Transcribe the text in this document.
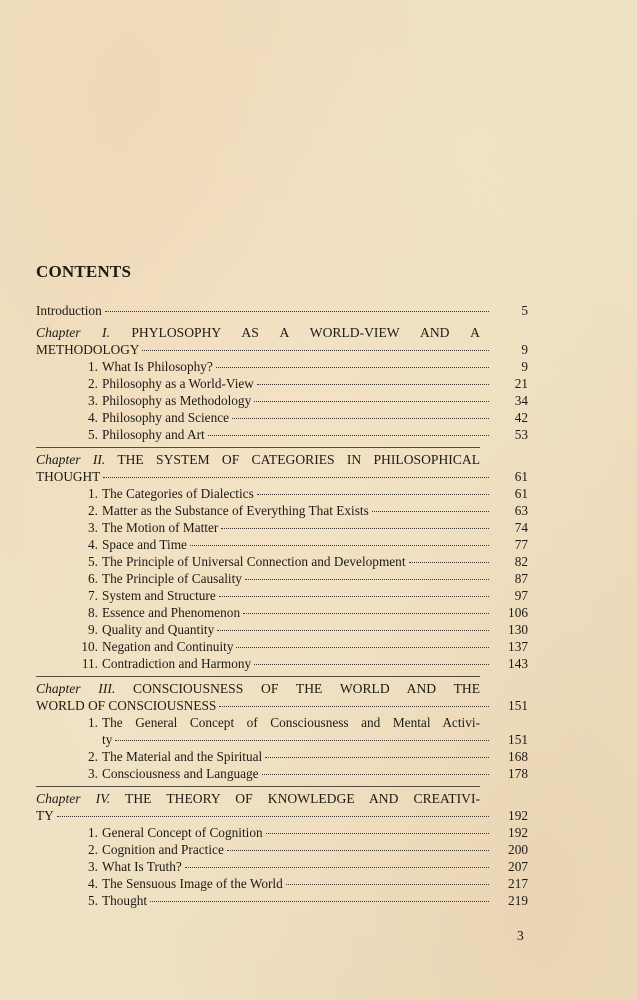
CONTENTS
Introduction	5
Chapter I. PHYLOSOPHY AS A WORLD-VIEW AND A
METHODOLOGY	9
1. What Is Philosophy?	9
2. Philosophy as a World-View	21
3. Philosophy as Methodology	34
4. Philosophy and Science	42
5. Philosophy and Art	53
Chapter II. THE SYSTEM OF CATEGORIES IN PHILOSOPHICAL
THOUGHT	61
1. The Categories of Dialectics	61
2. Matter as the Substance of Everything That Exists	63
3. The Motion of Matter	74
4. Space and Time	77
5. The Principle of Universal Connection and Development	82
6. The Principle of Causality	87
7. System and Structure	97
8. Essence and Phenomenon	106
9. Quality and Quantity	130
10. Negation and Continuity	137
11. Contradiction and Harmony	143
Chapter III. CONSCIOUSNESS OF THE WORLD AND THE
WORLD OF CONSCIOUSNESS	151
1. The General Concept of Consciousness and Mental Activi-
ty	151
2. The Material and the Spiritual	168
3. Consciousness and Language	178
Chapter IV. THE THEORY OF KNOWLEDGE AND CREATIVI-
TY	192
1. General Concept of Cognition	192
2. Cognition and Practice	200
3. What Is Truth?	207
4. The Sensuous Image of the World	217
5. Thought	219
3
